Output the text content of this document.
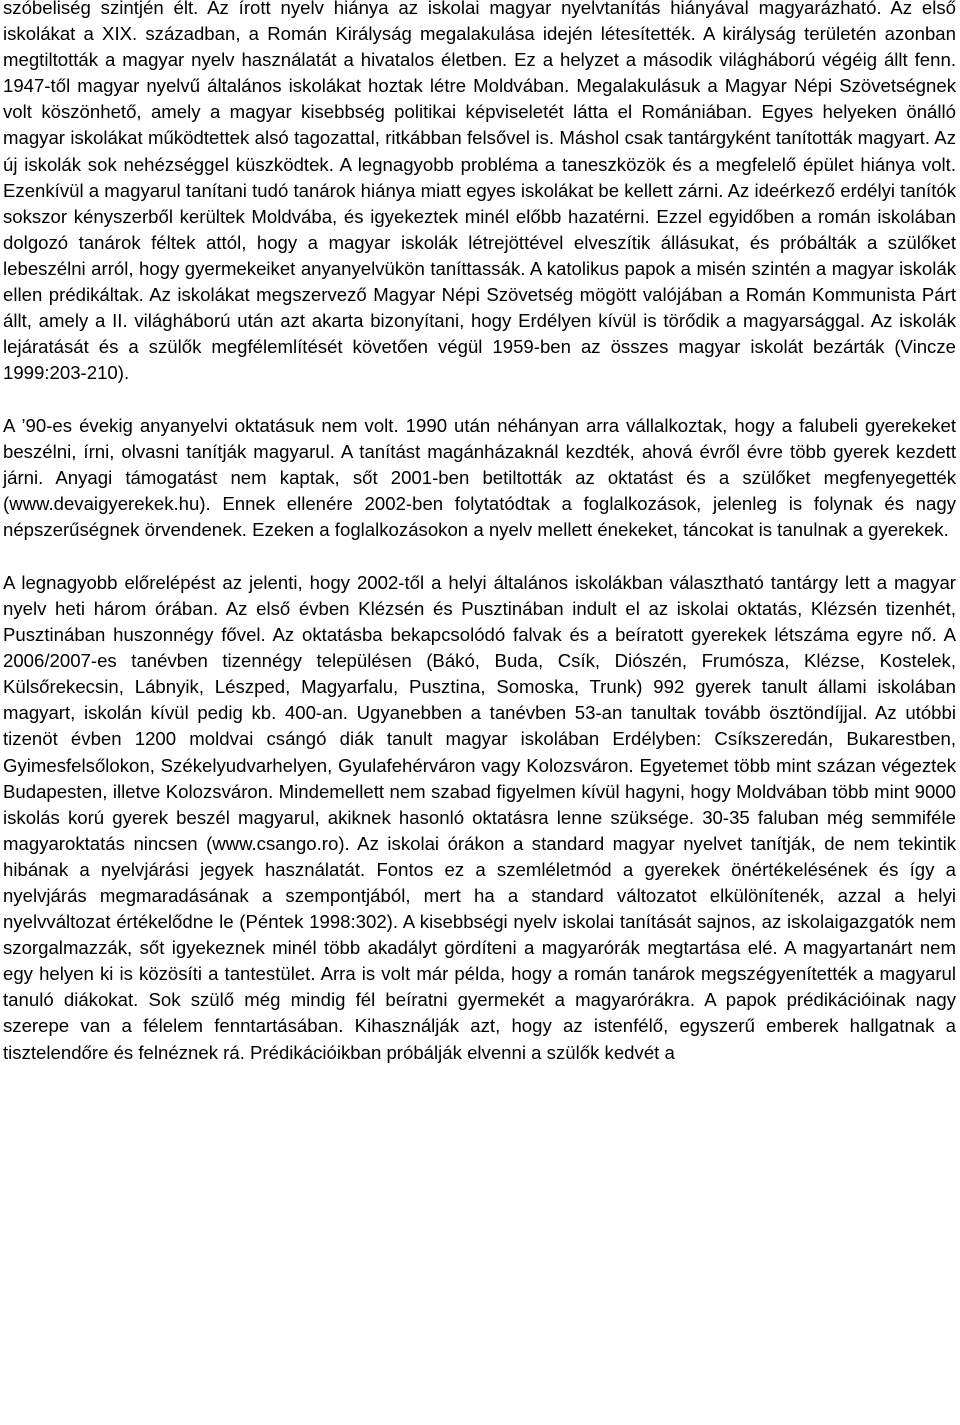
szóbeliség szintjén élt. Az írott nyelv hiánya az iskolai magyar nyelvtanítás hiányával magyarázható. Az első iskolákat a XIX. században, a Román Királyság megalakulása idején létesítették. A királyság területén azonban megtiltották a magyar nyelv használatát a hivatalos életben. Ez a helyzet a második világháború végéig állt fenn. 1947-től magyar nyelvű általános iskolákat hoztak létre Moldvában. Megalakulásuk a Magyar Népi Szövetségnek volt köszönhető, amely a magyar kisebbség politikai képviseletét látta el Romániában. Egyes helyeken önálló magyar iskolákat működtettek alsó tagozattal, ritkábban felsővel is. Máshol csak tantárgyként tanították magyart. Az új iskolák sok nehézséggel küszködtek. A legnagyobb probléma a taneszközök és a megfelelő épület hiánya volt. Ezenkívül a magyarul tanítani tudó tanárok hiánya miatt egyes iskolákat be kellett zárni. Az ideérkező erdélyi tanítók sokszor kényszerből kerültek Moldvába, és igyekeztek minél előbb hazatérni. Ezzel egyidőben a román iskolában dolgozó tanárok féltek attól, hogy a magyar iskolák létrejöttével elveszítik állásukat, és próbálták a szülőket lebeszélni arról, hogy gyermekeiket anyanyelvükön taníttassák. A katolikus papok a misén szintén a magyar iskolák ellen prédikáltak. Az iskolákat megszervező Magyar Népi Szövetség mögött valójában a Román Kommunista Párt állt, amely a II. világháború után azt akarta bizonyítani, hogy Erdélyen kívül is törődik a magyarsággal. Az iskolák lejáratását és a szülők megfélemlítését követően végül 1959-ben az összes magyar iskolát bezárták (Vincze 1999:203-210).

A ’90-es évekig anyanyelvi oktatásuk nem volt. 1990 után néhányan arra vállalkoztak, hogy a falubeli gyerekeket beszélni, írni, olvasni tanítják magyarul. A tanítást magánházaknál kezdték, ahová évről évre több gyerek kezdett járni. Anyagi támogatást nem kaptak, sőt 2001-ben betiltották az oktatást és a szülőket megfenyegették (www.devaigyerekek.hu). Ennek ellenére 2002-ben folytatódtak a foglalkozások, jelenleg is folynak és nagy népszerűségnek örvendenek. Ezeken a foglalkozásokon a nyelv mellett énekeket, táncokat is tanulnak a gyerekek.

A legnagyobb előrelépést az jelenti, hogy 2002-től a helyi általános iskolákban választható tantárgy lett a magyar nyelv heti három órában. Az első évben Klézsén és Pusztinában indult el az iskolai oktatás, Klézsén tizenhét, Pusztinában huszonnégy fővel. Az oktatásba bekapcsolódó falvak és a beíratott gyerekek létszáma egyre nő. A 2006/2007-es tanévben tizennégy településen (Bákó, Buda, Csík, Diószén, Frumósza, Klézse, Kostelek, Külsőrekecsin, Lábnyik, Lészped, Magyarfalu, Pusztina, Somoska, Trunk) 992 gyerek tanult állami iskolában magyart, iskolán kívül pedig kb. 400-an. Ugyanebben a tanévben 53-an tanultak tovább ösztöndíjjal. Az utóbbi tizenöt évben 1200 moldvai csángó diák tanult magyar iskolában Erdélyben: Csíkszeredán, Bukarestben, Gyimesfelsőlokon, Székelyudvarhelyen, Gyulafehérváron vagy Kolozsváron. Egyetemet több mint százan végeztek Budapesten, illetve Kolozsváron. Mindemellett nem szabad figyelmen kívül hagyni, hogy Moldvában több mint 9000 iskolás korú gyerek beszél magyarul, akiknek hasonló oktatásra lenne szüksége. 30-35 faluban még semmiféle magyaroktatás nincsen (www.csango.ro). Az iskolai órákon a standard magyar nyelvet tanítják, de nem tekintik hibának a nyelvjárási jegyek használatát. Fontos ez a szemléletmód a gyerekek önértékelésének és így a nyelvjárás megmaradásának a szempontjából, mert ha a standard változatot elkülönítenék, azzal a helyi nyelvváltozat értékelődne le (Péntek 1998:302). A kisebbségi nyelv iskolai tanítását sajnos, az iskolaigazgatók nem szorgalmazzák, sőt igyekeznek minél több akadályt gördíteni a magyarórák megtartása elé. A magyartanárt nem egy helyen ki is közösíti a tantestület. Arra is volt már példa, hogy a román tanárok megszégyenítették a magyarul tanuló diákokat. Sok szülő még mindig fél beíratni gyermekét a magyarórákra. A papok prédikációinak nagy szerepe van a félelem fenntartásában. Kihasználják azt, hogy az istenfélő, egyszerű emberek hallgatnak a tisztelendőre és felnéznek rá. Prédikációikban próbálják elvenni a szülők kedvét a
